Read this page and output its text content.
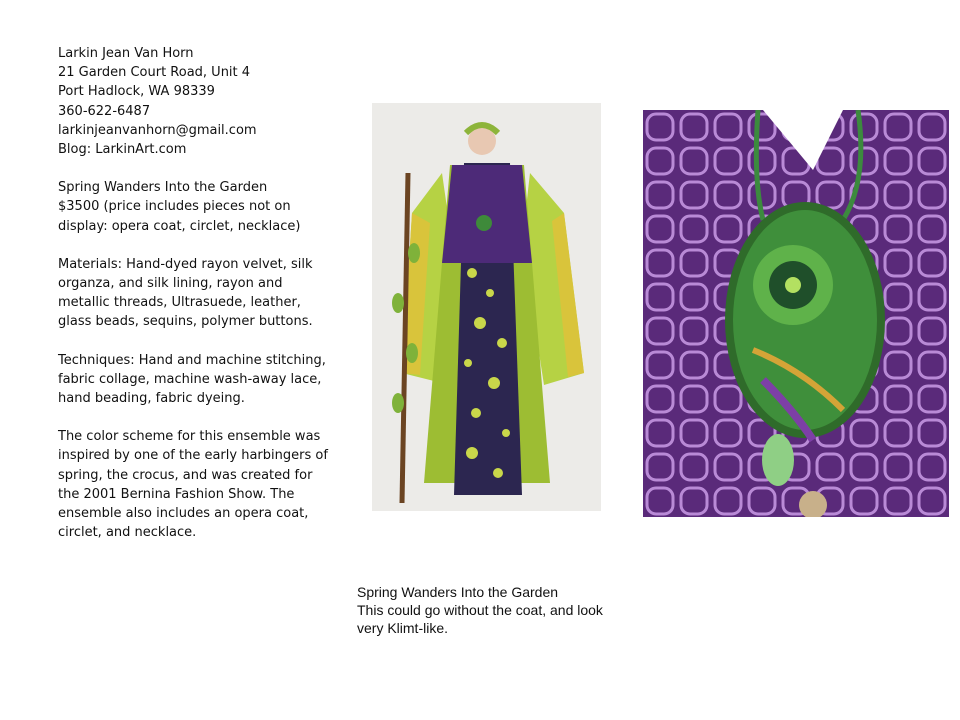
Larkin Jean Van Horn
21 Garden Court Road, Unit 4
Port Hadlock, WA 98339
360-622-6487
larkinjeanvanhorn@gmail.com
Blog: LarkinArt.com

Spring Wanders Into the Garden
$3500 (price includes pieces not on display: opera coat, circlet, necklace)

Materials: Hand-dyed rayon velvet, silk organza, and silk lining, rayon and metallic threads, Ultrasuede, leather, glass beads, sequins, polymer buttons.

Techniques: Hand and machine stitching, fabric collage, machine wash-away lace, hand beading, fabric dyeing.

The color scheme for this ensemble was inspired by one of the early harbingers of spring, the crocus, and was created for the 2001 Bernina Fashion Show. The ensemble also includes an opera coat, circlet, and necklace.

Spring Wanders Into the Garden
This could go without the coat, and look
very Klimt-like.
